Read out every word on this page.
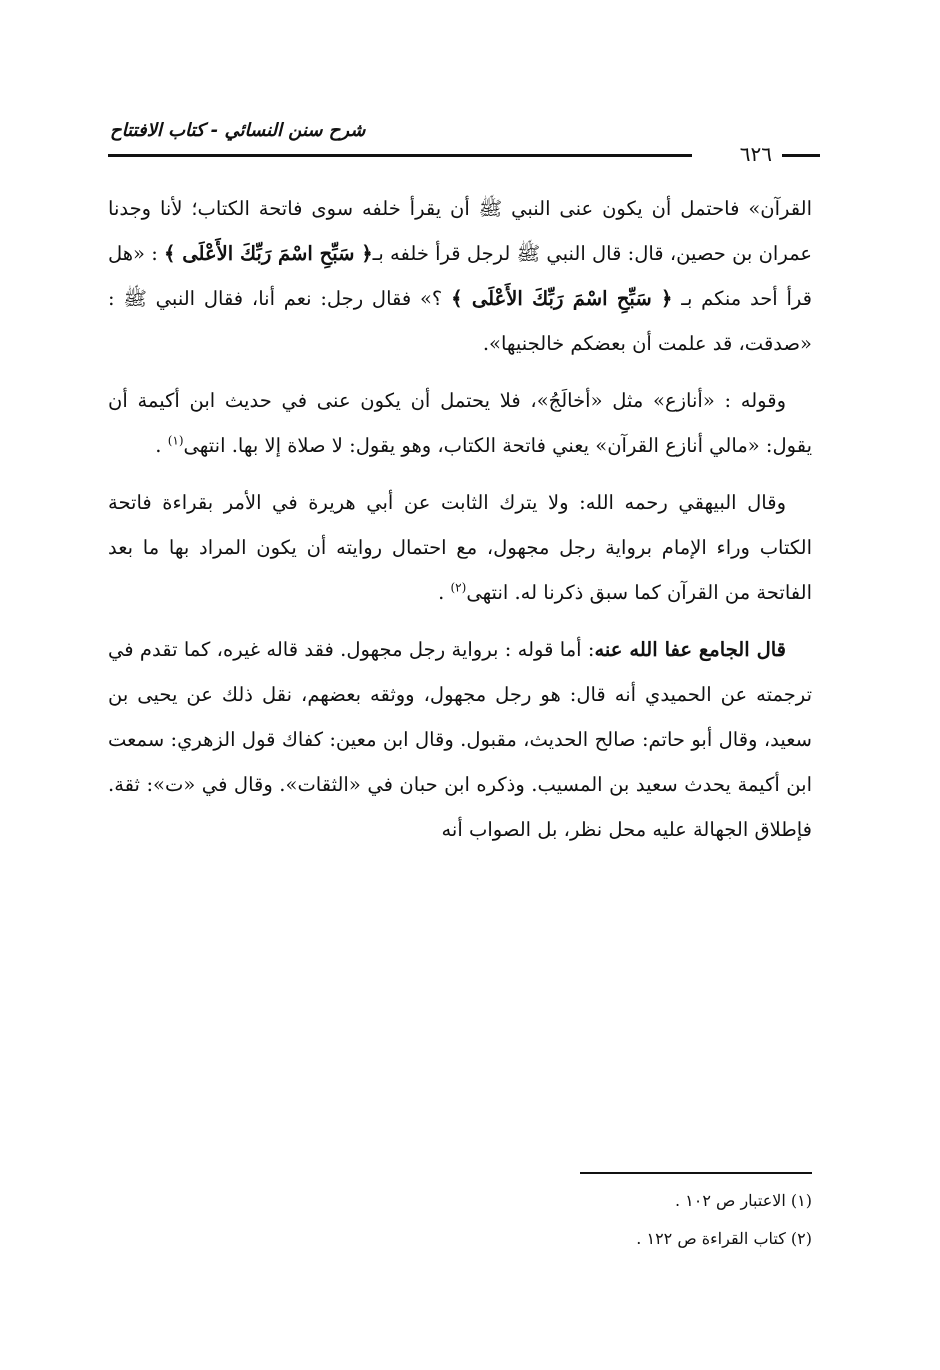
شرح سنن النسائي - كتاب الافتتاح
٦٢٦

القرآن» فاحتمل أن يكون عنى النبي ﷺ أن يقرأ خلفه سوى فاتحة الكتاب؛ لأنا وجدنا عمران بن حصين، قال: قال النبي ﷺ لرجل قرأ خلفه بـ﴿ سَبِّحِ اسْمَ رَبِّكَ الأَعْلَى ﴾ : «هل قرأ أحد منكم بـ ﴿ سَبِّحِ اسْمَ رَبِّكَ الأَعْلَى ﴾ ؟» فقال رجل: نعم أنا، فقال النبي ﷺ : «صدقت، قد علمت أن بعضكم خالجنيها».

وقوله : «أنازع» مثل «أخالَجُ»، فلا يحتمل أن يكون عنى في حديث ابن أكيمة أن يقول: «مالي أنازع القرآن» يعني فاتحة الكتاب، وهو يقول: لا صلاة إلا بها. انتهى$^{(١)}$ .

وقال البيهقي رحمه الله: ولا يترك الثابت عن أبي هريرة في الأمر بقراءة فاتحة الكتاب وراء الإمام برواية رجل مجهول، مع احتمال روايته أن يكون المراد بها ما بعد الفاتحة من القرآن كما سبق ذكرنا له. انتهى$^{(٢)}$ .

قال الجامع عفا الله عنه: أما قوله : برواية رجل مجهول. فقد قاله غيره، كما تقدم في ترجمته عن الحميدي أنه قال: هو رجل مجهول، ووثقه بعضهم، نقل ذلك عن يحيى بن سعيد، وقال أبو حاتم: صالح الحديث، مقبول. وقال ابن معين: كفاك قول الزهري: سمعت ابن أكيمة يحدث سعيد بن المسيب. وذكره ابن حبان في «الثقات». وقال في «ت»: ثقة. فإطلاق الجهالة عليه محل نظر، بل الصواب أنه

(١) الاعتبار ص ١٠٢ .

(٢) كتاب القراءة ص ١٢٢ .
